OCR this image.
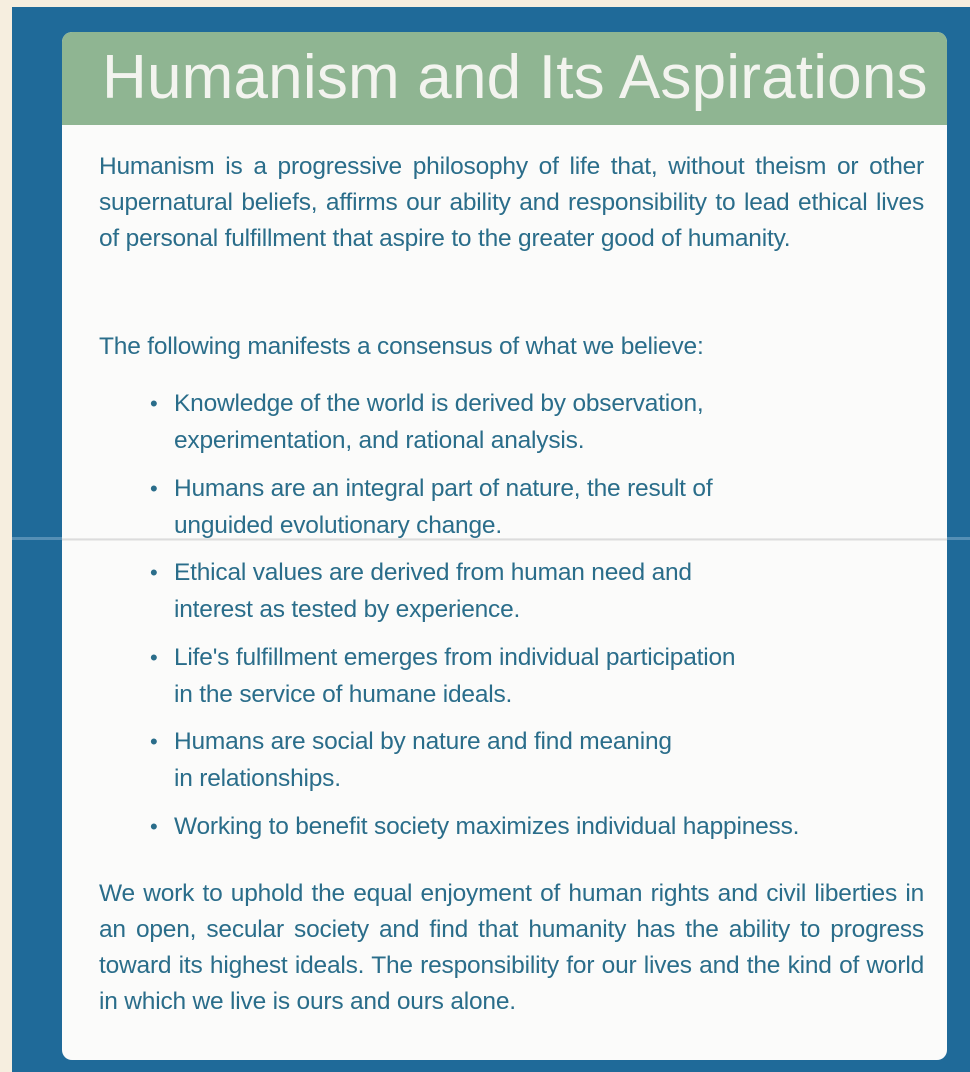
Humanism and Its Aspirations

Humanism is a progressive philosophy of life that, without theism or other supernatural beliefs, affirms our ability and responsibility to lead ethical lives of personal fulfillment that aspire to the greater good of humanity.

The following manifests a consensus of what we believe:

• Knowledge of the world is derived by observation,
experimentation, and rational analysis.
• Humans are an integral part of nature, the result of
unguided evolutionary change.
• Ethical values are derived from human need and
interest as tested by experience.
• Life's fulfillment emerges from individual participation
in the service of humane ideals.
• Humans are social by nature and find meaning
in relationships.
• Working to benefit society maximizes individual happiness.

We work to uphold the equal enjoyment of human rights and civil liberties in an open, secular society and find that humanity has the ability to progress toward its highest ideals. The responsibility for our lives and the kind of world in which we live is ours and ours alone.
